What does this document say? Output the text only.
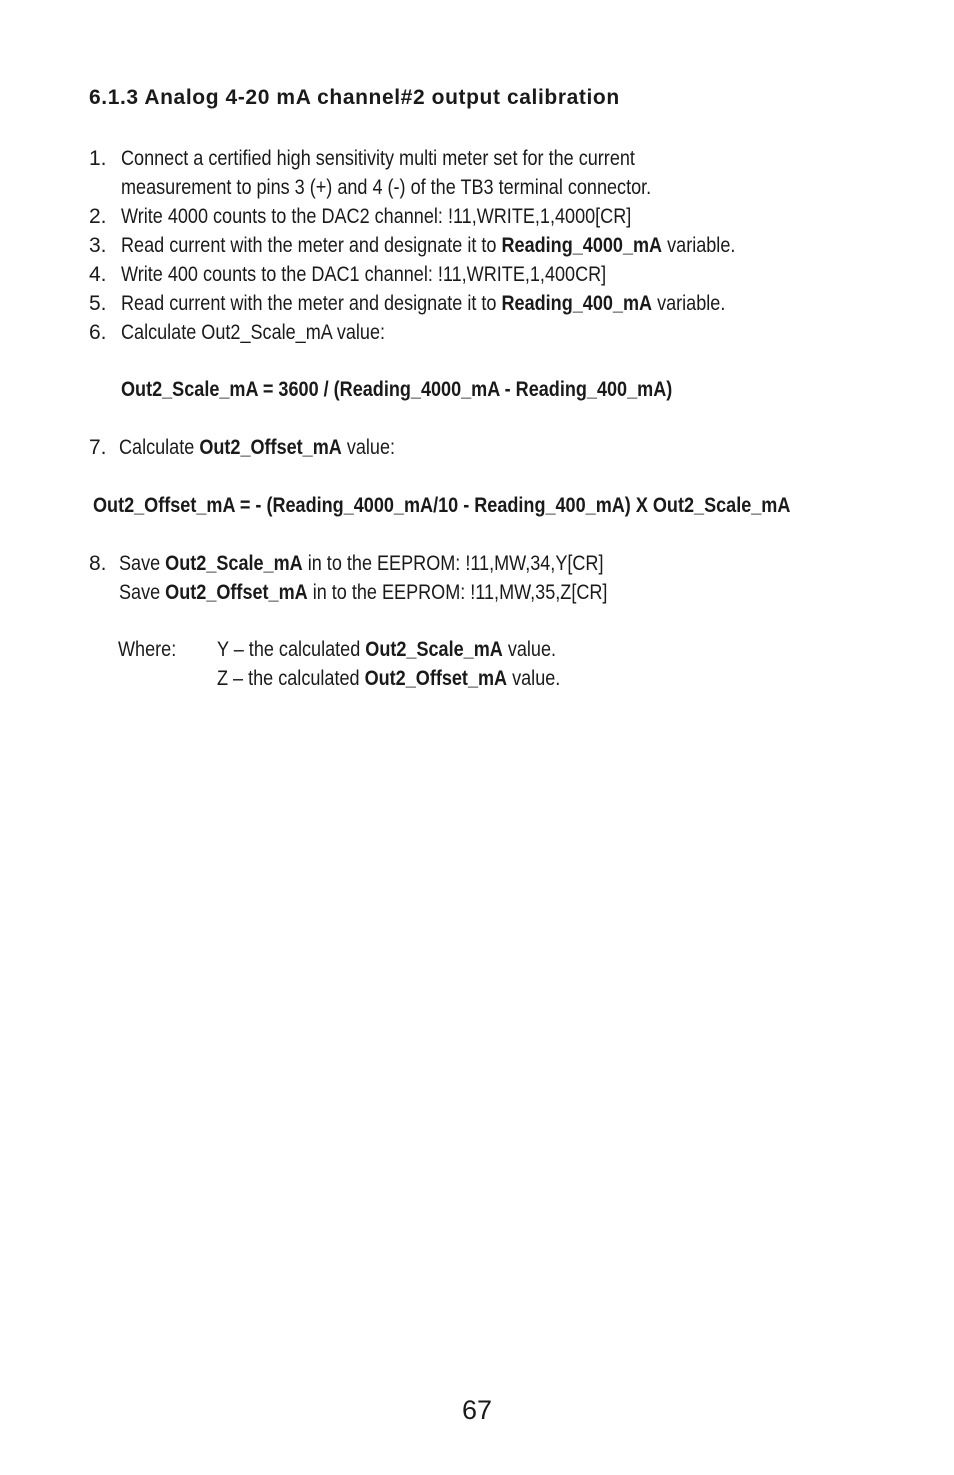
6.1.3 Analog 4-20 mA channel#2 output calibration
1. Connect a certified high sensitivity multi meter set for the current
measurement to pins 3 (+) and 4 (-) of the TB3 terminal connector.
2. Write 4000 counts to the DAC2 channel: !11,WRITE,1,4000[CR]
3. Read current with the meter and designate it to Reading_4000_mA variable.
4. Write 400 counts to the DAC1 channel: !11,WRITE,1,400CR]
5. Read current with the meter and designate it to Reading_400_mA variable.
6. Calculate Out2_Scale_mA value:
Out2_Scale_mA = 3600 / (Reading_4000_mA - Reading_400_mA)
7. Calculate Out2_Offset_mA value:
Out2_Offset_mA = - (Reading_4000_mA/10 - Reading_400_mA) X Out2_Scale_mA
8. Save Out2_Scale_mA in to the EEPROM: !11,MW,34,Y[CR]
Save Out2_Offset_mA in to the EEPROM: !11,MW,35,Z[CR]
Where:	Y – the calculated Out2_Scale_mA value.
Z – the calculated Out2_Offset_mA value.
67
